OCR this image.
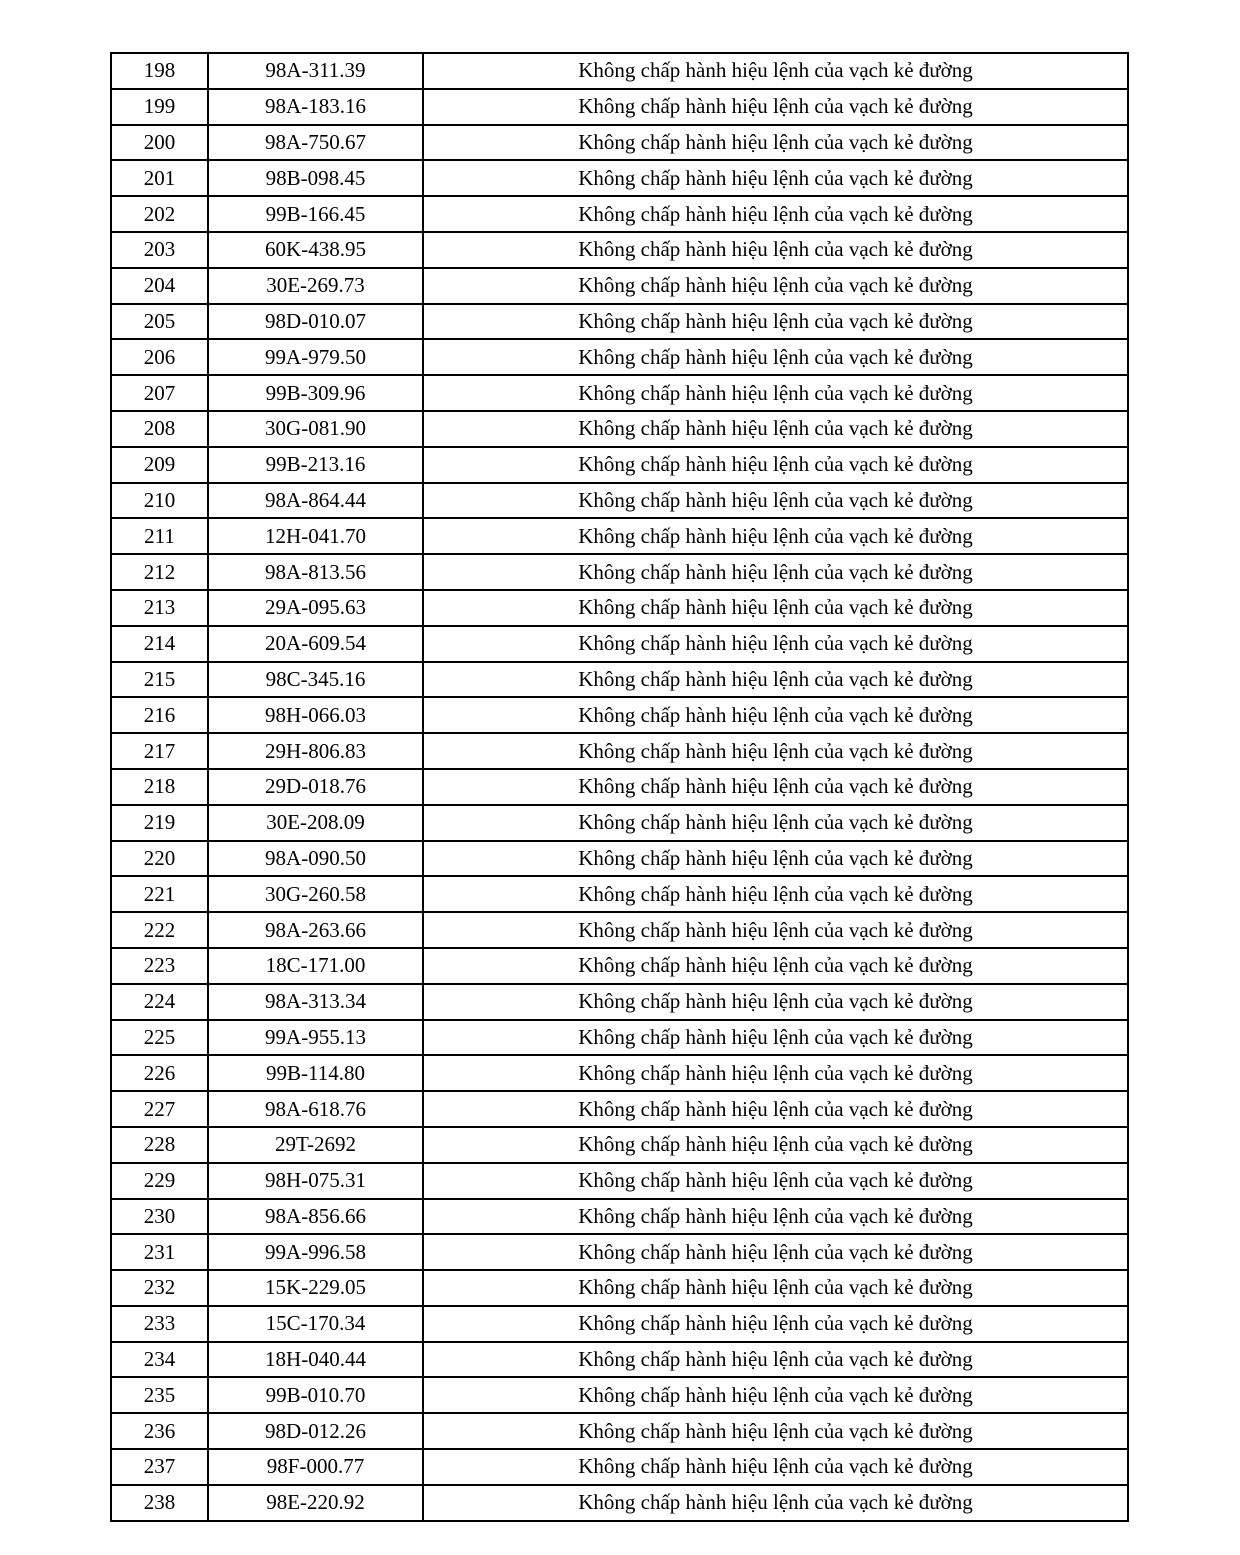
198	98A-311.39	Không chấp hành hiệu lệnh của vạch kẻ đường
199	98A-183.16	Không chấp hành hiệu lệnh của vạch kẻ đường
200	98A-750.67	Không chấp hành hiệu lệnh của vạch kẻ đường
201	98B-098.45	Không chấp hành hiệu lệnh của vạch kẻ đường
202	99B-166.45	Không chấp hành hiệu lệnh của vạch kẻ đường
203	60K-438.95	Không chấp hành hiệu lệnh của vạch kẻ đường
204	30E-269.73	Không chấp hành hiệu lệnh của vạch kẻ đường
205	98D-010.07	Không chấp hành hiệu lệnh của vạch kẻ đường
206	99A-979.50	Không chấp hành hiệu lệnh của vạch kẻ đường
207	99B-309.96	Không chấp hành hiệu lệnh của vạch kẻ đường
208	30G-081.90	Không chấp hành hiệu lệnh của vạch kẻ đường
209	99B-213.16	Không chấp hành hiệu lệnh của vạch kẻ đường
210	98A-864.44	Không chấp hành hiệu lệnh của vạch kẻ đường
211	12H-041.70	Không chấp hành hiệu lệnh của vạch kẻ đường
212	98A-813.56	Không chấp hành hiệu lệnh của vạch kẻ đường
213	29A-095.63	Không chấp hành hiệu lệnh của vạch kẻ đường
214	20A-609.54	Không chấp hành hiệu lệnh của vạch kẻ đường
215	98C-345.16	Không chấp hành hiệu lệnh của vạch kẻ đường
216	98H-066.03	Không chấp hành hiệu lệnh của vạch kẻ đường
217	29H-806.83	Không chấp hành hiệu lệnh của vạch kẻ đường
218	29D-018.76	Không chấp hành hiệu lệnh của vạch kẻ đường
219	30E-208.09	Không chấp hành hiệu lệnh của vạch kẻ đường
220	98A-090.50	Không chấp hành hiệu lệnh của vạch kẻ đường
221	30G-260.58	Không chấp hành hiệu lệnh của vạch kẻ đường
222	98A-263.66	Không chấp hành hiệu lệnh của vạch kẻ đường
223	18C-171.00	Không chấp hành hiệu lệnh của vạch kẻ đường
224	98A-313.34	Không chấp hành hiệu lệnh của vạch kẻ đường
225	99A-955.13	Không chấp hành hiệu lệnh của vạch kẻ đường
226	99B-114.80	Không chấp hành hiệu lệnh của vạch kẻ đường
227	98A-618.76	Không chấp hành hiệu lệnh của vạch kẻ đường
228	29T-2692	Không chấp hành hiệu lệnh của vạch kẻ đường
229	98H-075.31	Không chấp hành hiệu lệnh của vạch kẻ đường
230	98A-856.66	Không chấp hành hiệu lệnh của vạch kẻ đường
231	99A-996.58	Không chấp hành hiệu lệnh của vạch kẻ đường
232	15K-229.05	Không chấp hành hiệu lệnh của vạch kẻ đường
233	15C-170.34	Không chấp hành hiệu lệnh của vạch kẻ đường
234	18H-040.44	Không chấp hành hiệu lệnh của vạch kẻ đường
235	99B-010.70	Không chấp hành hiệu lệnh của vạch kẻ đường
236	98D-012.26	Không chấp hành hiệu lệnh của vạch kẻ đường
237	98F-000.77	Không chấp hành hiệu lệnh của vạch kẻ đường
238	98E-220.92	Không chấp hành hiệu lệnh của vạch kẻ đường
